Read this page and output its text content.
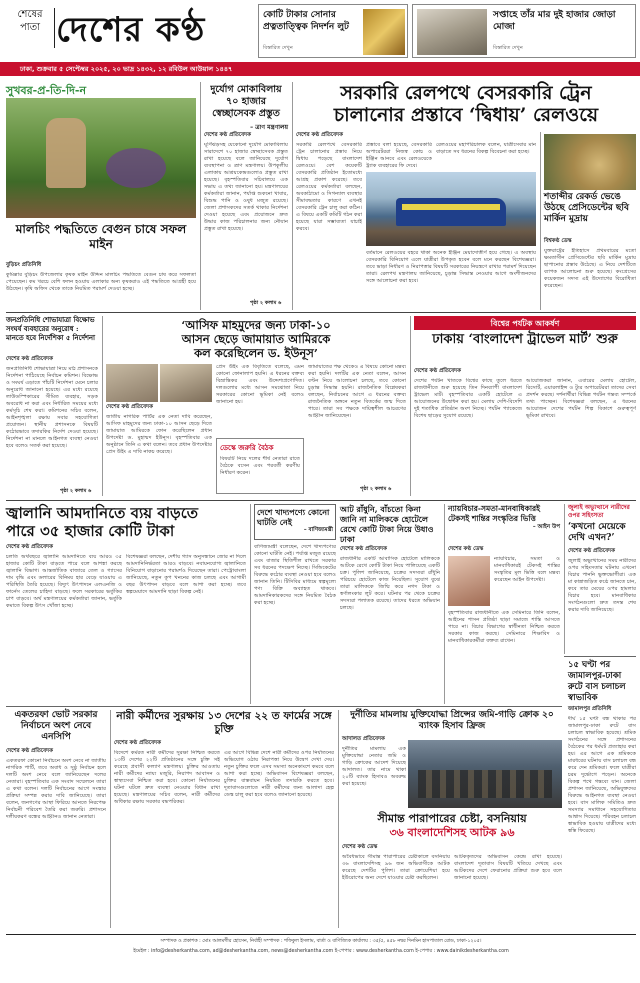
শেষের পাতা দেশের কণ্ঠ	কোটি টাকার সোনার প্রত্নতাত্ত্বিক নিদর্শন লুট
বিস্তারিত দেখুন
সপ্তাহে তাঁর মার দুই হাজার জোড়া মোজা
বিস্তারিত দেখুন
ঢাকা, শুক্রবার ৫ সেপ্টেম্বর ২০২৫, ২০ ভাদ্র ১৪৩২, ১২ রবিউল আউয়াল ১৪৪৭
সুখবর-প্র-তি-দি-ন
মালচিং পদ্ধতিতে বেগুন চাষে সফল মাইন
বুড়িচং প্রতিনিধি
কুমিল্লার বুড়িচং উপজেলার কৃষক মাইন উদ্দিন মালচিং পদ্ধতিতে বেগুন চাষ করে সফলতা পেয়েছেন। কম খরচে বেশি ফলন হওয়ায় এলাকার অন্য কৃষকরাও এই পদ্ধতিতে আগ্রহী হয়ে উঠছেন। কৃষি অফিস থেকে তাকে নিয়মিত পরামর্শ দেওয়া হচ্ছে।
দুর্যোগ মোকাবিলায় ৭০ হাজার স্বেচ্ছাসেবক প্রস্তুত
– ত্রাণ মন্ত্রণালয়
দেশের কণ্ঠ প্রতিবেদক
ঘূর্ণিঝড়সহ যেকোনো দুর্যোগ মোকাবিলায় সারাদেশে ৭০ হাজার স্বেচ্ছাসেবক প্রস্তুত রাখা হয়েছে বলে জানিয়েছে দুর্যোগ ব্যবস্থাপনা ও ত্রাণ মন্ত্রণালয়। উপকূলীয় এলাকায় আশ্রয়কেন্দ্রগুলোও প্রস্তুত রাখা হয়েছে। বৃহস্পতিবার সচিবালয়ে এক সভায় এ তথ্য জানানো হয়। মন্ত্রণালয়ের কর্মকর্তারা জানান, পর্যাপ্ত শুকনো খাবার, বিশুদ্ধ পানি ও ওষুধ মজুত রয়েছে। জেলা প্রশাসকদের সতর্ক থাকার নির্দেশনা দেওয়া হয়েছে এবং প্রয়োজনে দ্রুত উদ্ধার কাজ পরিচালনার জন্য নৌযান প্রস্তুত রাখা হয়েছে।
পৃষ্ঠা ২ কলাম ৬
সরকারি রেলপথে বেসরকারি ট্রেন
চালানোর প্রস্তাবে ‘দ্বিধায়’ রেলওয়ে
দেশের কণ্ঠ প্রতিবেদক
সরকারি রেলপথে বেসরকারি ট্রেন চালানোর প্রস্তাব নিয়ে দ্বিধায় পড়েছে বাংলাদেশ রেলওয়ে। বেশ কয়েকটি বেসরকারি প্রতিষ্ঠান ইতোমধ্যে আগ্রহ প্রকাশ করেছে। তবে রেলওয়ের কর্মকর্তারা বলছেন, অবকাঠামো ও সিগন্যাল ব্যবস্থার সীমাবদ্ধতার কারণে এখনই বেসরকারি ট্রেন চালু করা কঠিন। এ বিষয়ে একটি কমিটি গঠন করা হয়েছে যারা সম্ভাব্যতা যাচাই করবে।
প্রস্তাবে বলা হয়েছে, বেসরকারি অপারেটররা নিজস্ব কোচ ও ইঞ্জিন আনবে এবং রেলওয়েকে ট্র্যাক ব্যবহারের ফি দেবে।
রেলওয়ের মহাপরিচালক বলেন, যাত্রীসেবার মান বাড়াতে সব ধরনের বিকল্প বিবেচনা করা হচ্ছে।
বর্তমানে রেলওয়ের বহরে থাকা অনেক ইঞ্জিন মেয়াদোত্তীর্ণ হয়ে গেছে। এ অবস্থায় বেসরকারি বিনিয়োগ এলে যাত্রীরা উপকৃত হবেন বলে মনে করছেন বিশেষজ্ঞরা। তবে ভাড়া নির্ধারণ ও নিরাপত্তার বিষয়টি সরকারের নিয়ন্ত্রণে রাখার পরামর্শ দিয়েছেন তারা। রেলপথ মন্ত্রণালয় জানিয়েছে, চূড়ান্ত সিদ্ধান্ত নেওয়ার আগে অংশীজনদের সঙ্গে আলোচনা করা হবে।
শতাব্দীর রেকর্ড ভেঙে উঠছে প্রেসিডেন্টের ছবি মার্কিন মুদ্রায়
বিশ্বকণ্ঠ ডেস্ক
যুক্তরাষ্ট্রের ইতিহাসে প্রথমবারের মতো ক্ষমতাসীন প্রেসিডেন্টের ছবি মার্কিন মুদ্রায় ছাপানোর প্রস্তাব উঠেছে। এ নিয়ে দেশটিতে ব্যাপক আলোচনা শুরু হয়েছে। কংগ্রেসের কয়েকজন সদস্য এই উদ্যোগের বিরোধিতা করেছেন।
জনপ্রতিনিধি শোভাযাত্রা বিক্ষোভ সংঘর্ষ ব্যবহারের অনুরোধ : মানতে হবে নির্দেশিকা ৫ নির্দেশনা
দেশের কণ্ঠ প্রতিবেদক
জনপ্রতিনিধি শোভাযাত্রা নিয়ে মাঠ প্রশাসনকে নির্দেশনা পাঠিয়েছে নির্বাচন কমিশন। বিক্ষোভ ও সংঘর্ষ এড়াতে পাঁচটি নির্দেশনা মেনে চলার অনুরোধ জানানো হয়েছে। এর মধ্যে রয়েছে লাউডস্পিকারের সীমিত ব্যবহার, সড়ক অবরোধ না করা এবং নির্ধারিত সময়ের মধ্যে কর্মসূচি শেষ করা। কমিশনের সচিব বলেন, আইনশৃঙ্খলা রক্ষায় সবার সহযোগিতা প্রয়োজন। স্থানীয় প্রশাসনকে বিষয়টি কঠোরভাবে তদারকির নির্দেশ দেওয়া হয়েছে। নির্দেশনা না মানলে আইনগত ব্যবস্থা নেওয়া হবে বলেও সতর্ক করা হয়েছে।
পৃষ্ঠা ২ কলাম ৬
‘আসিফ মাহমুদের জন্য ঢাকা-১০
আসন ছেড়ে জামায়াত আমিরকে
কল করেছিলেন ড. ইউনূস’
দেশের কণ্ঠ প্রতিবেদক
জাতীয় নাগরিক পার্টির এক নেতা দাবি করেছেন, আসিফ মাহমুদের জন্য ঢাকা-১০ আসন ছেড়ে দিতে জামায়াত আমিরকে ফোন করেছিলেন প্রধান উপদেষ্টা ড. মুহাম্মদ ইউনূস। বৃহস্পতিবার এক অনুষ্ঠানে তিনি এ কথা বলেন। তবে প্রধান উপদেষ্টার প্রেস উইং এ দাবি নাকচ করেছে।
প্রেস উইং এক বিবৃতিতে বলেছে, এমন কোনো ফোনালাপ হয়নি। এ ধরনের বক্তব্য বিভ্রান্তিকর এবং উদ্দেশ্যপ্রণোদিত। দলগুলোর মধ্যে আসন সমঝোতা নিয়ে সরকারের কোনো ভূমিকা নেই বলেও জানানো হয়।
ডেস্কে জরুরি বৈঠক
বিষয়টি নিয়ে দলের শীর্ষ নেতারা রাতে বৈঠকে বসেন এবং পরবর্তী করণীয় নির্ধারণ করেন।
জামায়াতের পক্ষ থেকেও এ বিষয়ে কোনো মন্তব্য করা হয়নি। দলটির এক নেতা বলেন, আসন বণ্টন নিয়ে আলোচনা চলছে, তবে কোনো চূড়ান্ত সিদ্ধান্ত হয়নি। রাজনৈতিক বিশ্লেষকরা বলছেন, নির্বাচনের আগে এ ধরনের বক্তব্য রাজনৈতিক অঙ্গনে নতুন বিতর্কের জন্ম দিতে পারে। তারা সব পক্ষকে দায়িত্বশীল আচরণের আহ্বান জানিয়েছেন।
পৃষ্ঠা ২ কলাম ৬
বিশ্বের পর্যটক আকর্ষণ
ঢাকায় ‘বাংলাদেশ ট্রাভেল মার্ট’ শুরু
দেশের কণ্ঠ প্রতিবেদক
দেশের পর্যটন খাতকে বিশ্বের কাছে তুলে ধরতে রাজধানীতে শুরু হয়েছে তিন দিনব্যাপী বাংলাদেশ ট্রাভেল মার্ট। বৃহস্পতিবার একটি হোটেলে এ আয়োজনের উদ্বোধন করা হয়। মেলায় দেশি-বিদেশি দুই শতাধিক প্রতিষ্ঠান অংশ নিচ্ছে। পর্যটন প্যাকেজে বিশেষ ছাড়ের সুযোগ রয়েছে।
আয়োজকরা জানান, এবারের মেলায় হোটেল, রিসোর্ট, এয়ারলাইন্স ও ট্যুর অপারেটররা তাদের সেবা প্রদর্শন করছে। দর্শনার্থীরা বিভিন্ন পর্যটন গন্তব্য সম্পর্কে তথ্য পাচ্ছেন। বিশেষজ্ঞরা বলছেন, এ ধরনের আয়োজন দেশের পর্যটন শিল্প বিকাশে গুরুত্বপূর্ণ ভূমিকা রাখবে।
জ্বালানি আমদানিতে ব্যয় বাড়তে
পারে ৩৫ হাজার কোটি টাকা
দেশের কণ্ঠ প্রতিবেদক
চলতি অর্থবছরে জ্বালানি আমদানিতে ব্যয় আরও ৩৫ হাজার কোটি টাকা বাড়তে পারে বলে আশঙ্কা করছে জ্বালানি বিভাগ। আন্তর্জাতিক বাজারে তেল ও গ্যাসের দাম বৃদ্ধি এবং ডলারের বিনিময় হার বেড়ে যাওয়ায় এ পরিস্থিতি তৈরি হয়েছে। বিদ্যুৎ উৎপাদনে এলএনজি ও ফার্নেস তেলের চাহিদা বাড়ছে। ফলে সরকারের ভর্তুকির চাপ বাড়বে। অর্থ মন্ত্রণালয়ের কর্মকর্তারা জানান, ভর্তুকি কমাতে বিকল্প উৎস খোঁজা হচ্ছে।
বিশেষজ্ঞরা বলছেন, দেশীয় গ্যাস অনুসন্ধানে জোর না দিলে আমদানিনির্ভরতা আরও বাড়বে। নবায়নযোগ্য জ্বালানিতে বিনিয়োগ বাড়ানোর পরামর্শও দিয়েছেন তারা। পেট্রোবাংলা জানিয়েছে, নতুন কূপ খননের কাজ চলছে এবং আগামী বছর উৎপাদন বাড়বে বলে আশা করা হচ্ছে। তবে স্বল্পমেয়াদে আমদানি ছাড়া বিকল্প নেই।
দেশে খাদ্যপণ্যে কোনো ঘাটতি নেই
– বাণিজ্যমন্ত্রী
বাণিজ্যমন্ত্রী বলেছেন, দেশে খাদ্যপণ্যের কোনো ঘাটতি নেই। পর্যাপ্ত মজুত রয়েছে এবং বাজার স্থিতিশীল রাখতে সরকার সব ধরনের পদক্ষেপ নিচ্ছে। সিন্ডিকেটের বিরুদ্ধে কঠোর ব্যবস্থা নেওয়া হবে বলেও জানান তিনি। টিসিবির মাধ্যমে স্বল্পমূল্যে পণ্য বিক্রি অব্যাহত থাকবে। আমদানিকারকদের সঙ্গে নিয়মিত বৈঠক করা হচ্ছে।
আট রাঁধুনি, বাঁচতো কিনা জানি না মালিককে হোটেলে রেখে কোটি টাকা নিয়ে উধাও ঢাকা
দেশের কণ্ঠ প্রতিবেদক
রাজধানীর একটি আবাসিক হোটেলে মালিককে আটকে রেখে কোটি টাকা নিয়ে পালিয়েছে একটি চক্র। পুলিশ জানিয়েছে, চক্রের সদস্যরা রাঁধুনি পরিচয়ে হোটেলে কাজ নিয়েছিল। সুযোগ বুঝে তারা মালিককে জিম্মি করে নগদ টাকা ও স্বর্ণালংকার লুট করে। ঘটনার পর থেকে চক্রের সদস্যরা পলাতক রয়েছে। তাদের ধরতে অভিযান চলছে।
ন্যায়বিচার-সমতা-মানবাধিকারই টেকসই শান্তির সংস্কৃতির ভিত্তি
– আইন উপ
দেশের কণ্ঠ ডেস্ক
ন্যায়বিচার, সমতা ও মানবাধিকারই টেকসই শান্তির সংস্কৃতির মূল ভিত্তি বলে মন্তব্য করেছেন আইন উপদেষ্টা।
বৃহস্পতিবার রাজধানীতে এক সেমিনারে তিনি বলেন, আইনের শাসন প্রতিষ্ঠা ছাড়া সমাজে শান্তি আসতে পারে না। বিচার বিভাগের স্বাধীনতা নিশ্চিত করতে সরকার কাজ করছে। সেমিনারে শিক্ষাবিদ ও মানবাধিকারকর্মীরা বক্তব্য রাখেন।
জুলাই অভ্যুত্থানে নারীদের ওপর সহিংসতা
‘কখনো মেয়েকে দেখি এখন?’
দেশের কণ্ঠ প্রতিবেদক
জুলাই অভ্যুত্থানের সময় নারীদের ওপর সহিংসতার ঘটনায় এখনো বিচার পাননি ভুক্তভোগীরা। এক মা কান্নাজড়িত কণ্ঠে জানতে চান, কবে তার মেয়ের ওপর হামলার বিচার হবে। মানবাধিকার সংগঠনগুলো দ্রুত তদন্ত শেষ করার দাবি জানিয়েছে।
১৫ ঘণ্টা পর জামালপুর-ঢাকা রুটে বাস চলাচল স্বাভাবিক
জামালপুর প্রতিনিধি
দীর্ঘ ১৫ ঘণ্টা বন্ধ থাকার পর জামালপুর-ঢাকা রুটে বাস চলাচল স্বাভাবিক হয়েছে। শ্রমিক সংগঠনের সঙ্গে প্রশাসনের বৈঠকের পর ধর্মঘট প্রত্যাহার করা হয়। এর আগে এক শ্রমিককে মারধরের ঘটনায় বাস চলাচল বন্ধ করে দেন শ্রমিকরা। ফলে যাত্রীরা চরম দুর্ভোগে পড়েন। অনেকে বিকল্প পথে গন্তব্যে যান। জেলা প্রশাসন জানিয়েছে, অভিযুক্তদের বিরুদ্ধে আইনগত ব্যবস্থা নেওয়া হবে। বাস মালিক সমিতিও দ্রুত সমস্যার সমাধানে সহযোগিতার আশ্বাস দিয়েছে। পরিবহন চলাচল স্বাভাবিক হওয়ায় যাত্রীদের মধ্যে স্বস্তি ফিরেছে।
একতরফা ভোট সরকার নির্বাচনে অংশ নেবে এনসিপি
দেশের কণ্ঠ প্রতিবেদক
একতরফা কোনো নির্বাচনে অংশ নেবে না জাতীয় নাগরিক পার্টি, তবে অবাধ ও সুষ্ঠু নির্বাচন হলে দলটি অংশ নেবে বলে জানিয়েছেন দলের নেতারা। বৃহস্পতিবার এক সংবাদ সম্মেলনে তারা এ কথা বলেন। দলটি নির্বাচনের আগে সংস্কার প্রক্রিয়া সম্পন্ন করার দাবি জানিয়েছে। তারা বলেন, জনগণের আস্থা ফিরিয়ে আনতে নিরপেক্ষ নির্বাচনী পরিবেশ তৈরি করা জরুরি। প্রশাসনে দলীয়করণ বন্ধের আহ্বানও জানান নেতারা।
নারী কর্মীদের সুরক্ষায় ১৩ দেশের ২২ ত ফার্মের সঙ্গে চুক্তি
দেশের কণ্ঠ প্রতিবেদক
বিদেশে কর্মরত নারী কর্মীদের সুরক্ষা নিশ্চিত করতে ১৩টি দেশের ২২টি প্রতিষ্ঠানের সঙ্গে চুক্তি সই করেছে প্রবাসী কল্যাণ মন্ত্রণালয়। চুক্তির আওতায় নারী কর্মীদের ন্যায্য মজুরি, নিরাপদ আবাসন ও স্বাস্থ্যসেবা নিশ্চিত করা হবে। কোনো নির্যাতনের ঘটনা ঘটলে দ্রুত ব্যবস্থা নেওয়ার বিধান রাখা হয়েছে। মন্ত্রণালয়ের সচিব বলেন, নারী কর্মীদের অধিকার রক্ষায় সরকার বদ্ধপরিকর।
এর আগে বিভিন্ন দেশে নারী কর্মীদের ওপর নির্যাতনের অভিযোগ ওঠায় নিরাপত্তা নিয়ে উদ্বেগ দেখা দেয়। নতুন চুক্তির ফলে এসব সমস্যা অনেকাংশে কমবে বলে আশা করা হচ্ছে। অভিবাসন বিশেষজ্ঞরা বলছেন, চুক্তির বাস্তবায়ন নিয়মিত তদারকি করতে হবে। দূতাবাসগুলোতে নারী কর্মীদের জন্য আলাদা হেল্প ডেস্ক চালু করা হবে বলেও জানানো হয়েছে।
দুর্নীতির মামলায় মুক্তিযোদ্ধা প্রিন্সের জমি-গাড়ি ক্রোক ২০ ব্যাংক হিসাব ফ্রিজ
আদালত প্রতিবেদক
দুর্নীতির মামলায় এক মুক্তিযোদ্ধা নেতার জমি ও গাড়ি ক্রোকের আদেশ দিয়েছে আদালত। তার নামে থাকা ২০টি ব্যাংক হিসাবও অবরুদ্ধ করা হয়েছে।
সীমান্ত পারাপারের চেষ্টা, বসনিয়ায়
৩৬ বাংলাদেশিসহ আটক ৯৬
দেশের কণ্ঠ ডেস্ক
অবৈধভাবে সীমান্ত পারাপারের চেষ্টাকালে বসনিয়ায় ৩৬ বাংলাদেশিসহ ৯৬ জন অভিবাসীকে আটক করেছে দেশটির পুলিশ। তারা ক্রোয়েশিয়া হয়ে ইউরোপের অন্য দেশে যাওয়ার চেষ্টা করছিলেন।
আটককৃতদের অভিবাসন কেন্দ্রে রাখা হয়েছে। বাংলাদেশ দূতাবাস বিষয়টি খতিয়ে দেখছে এবং আটকদের দেশে ফেরানোর প্রক্রিয়া শুরু হবে বলে জানানো হয়েছে।
সম্পাদক ও প্রকাশক : মোঃ আলমগীর হোসেন, নির্বাহী সম্পাদক : শফিকুল ইসলাম, বার্তা ও বাণিজ্যিক কার্যালয় : ৩৫/৫, ৪৫৮ নম্বর দিনমিন হাসপাতাল রোড, ঢাকা-১২০৫।
ইমেইল : info@desherkantha.com, ad@desherkantha.com, news@desherkantha.com ই-পেপার : www.desherkantha.com ই-পেপার : www.dainikdesherkantha.com
